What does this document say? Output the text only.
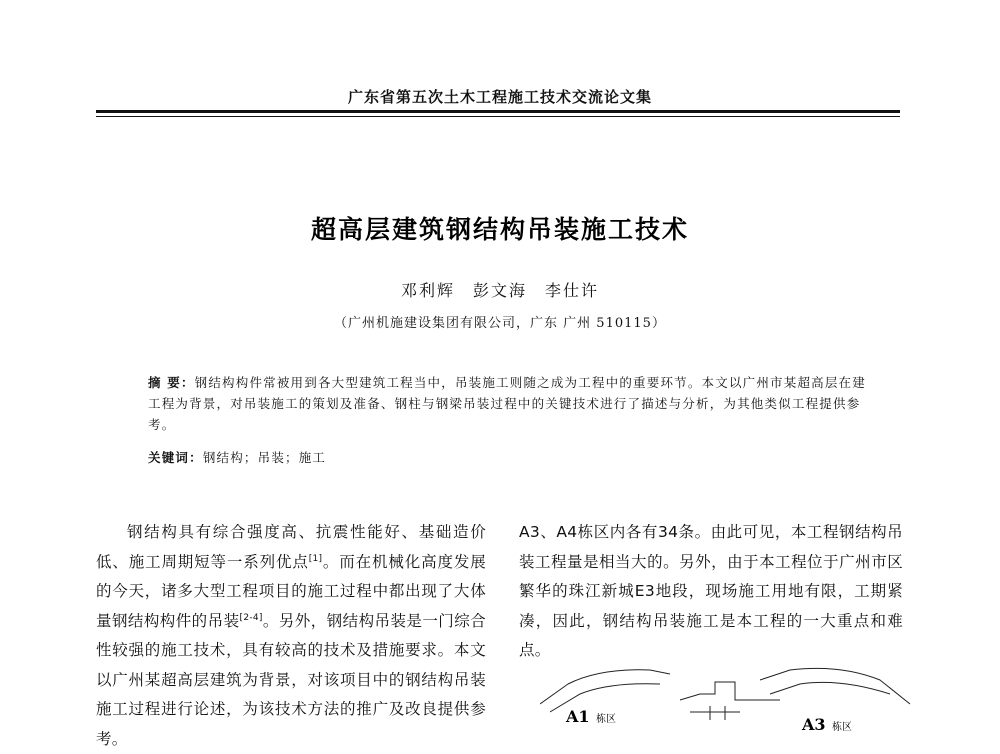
广东省第五次土木工程施工技术交流论文集
超高层建筑钢结构吊装施工技术
邓利辉　彭文海　李仕许
（广州机施建设集团有限公司，广东 广州 510115）
摘 要：钢结构构件常被用到各大型建筑工程当中，吊装施工则随之成为工程中的重要环节。本文以广州市某超高层在建工程为背景，对吊装施工的策划及准备、钢柱与钢梁吊装过程中的关键技术进行了描述与分析，为其他类似工程提供参考。
关键词：钢结构；吊装；施工
钢结构具有综合强度高、抗震性能好、基础造价低、施工周期短等一系列优点[1]。而在机械化高度发展的今天，诸多大型工程项目的施工过程中都出现了大体量钢结构构件的吊装[2-4]。另外，钢结构吊装是一门综合性较强的施工技术，具有较高的技术及措施要求。本文以广州某超高层建筑为背景，对该项目中的钢结构吊装施工过程进行论述，为该技术方法的推广及改良提供参考。
A3、A4栋区内各有34条。由此可见，本工程钢结构吊装工程量是相当大的。另外，由于本工程位于广州市区繁华的珠江新城E3地段，现场施工用地有限，工期紧凑，因此，钢结构吊装施工是本工程的一大重点和难点。
A1 栋区	A3 栋区
